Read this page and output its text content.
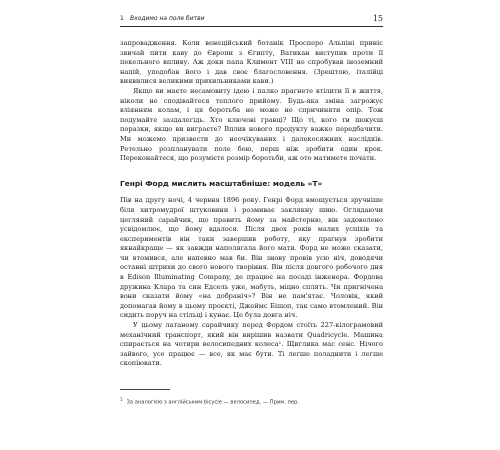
1	Входимо на поле битви	15

запровадження. Коли венеційський ботанік Просперо Альпіні приніс звичай пити каву до Європи з Єгипту, Ватикан виступив проти її пекельного впливу. Аж доки папа Климент VIII не спробував іноземний напій, уподобав його і дав своє благословення. (Зрештою, італійці виявилися великими прихильниками кави.)

Якщо ви маєте несамовиту ідею і палко прагнете втілити її в життя, ніколи не сподівайтеся теплого прийому. Будь-яка зміна загрожує вліянням колам, і ця боротьба не може не спричиняти опір. Тож подумайте заздалегідь. Хто ключові гравці? Що ті, кого ти шокуєш поразки, якщо ви виграєте? Вплив нового продукту важко передбачити. Ми можемо призвести до неочікуваних і далекосяжних наслідків. Ретельно розпланувати поле бою, перш ніж зробити один крок. Переконайтеся, що розумієте розмір боротьби, аж ото матимете почати.

Генрі Форд мислить масштабніше: модель «Т»

Пів на другу ночі, 4 червня 1896 року. Генрі Форд вмощується зручніше біля хитромудрої штуковини і розмиває заклякну шию. Оглядаючи цегляний сарайчик, що править йому за майстерню, він задоволено усвідомлює, що йому вдалося. Після двох років малих успіхів та експериментів він таки завершив роботу, яку прагнув зробити якнайкраще — як завжди наполягала його мати. Форд не може сказати, чи втомився, але напевно мав би. Він знову провів усю ніч, доводячи останні штрихи до свого нового творіння. Він після довгого робочого дня в Edison Illuminating Company, де працює на посаді інженера. Фордова дружина Клара та син Едсель уже, мабуть, міцно сплять. Чи пригнічена вони сказати йому «на добраніч»? Він не пам'ятає. Чоловік, який допомагав йому в цьому проєкті, Джеймс Бішоп, так само втомлений. Він сидить поруч на стільці і кунає. Це була довга ніч.

У цьому латаному сарайчику перед Фордом стоїть 227-кілограмовий механічний транспорт, який він вирішив назвати Quadricycle. Машина спирається на чотири велосипедних колеса¹. Щиглика мас сенс. Нічого зайвого, усе працює — все, як має бути. Ті легше поладнити і легше скопіювати.

$^1$За аналогією з англійським bicycle — велосипед. — Прим. пер.
